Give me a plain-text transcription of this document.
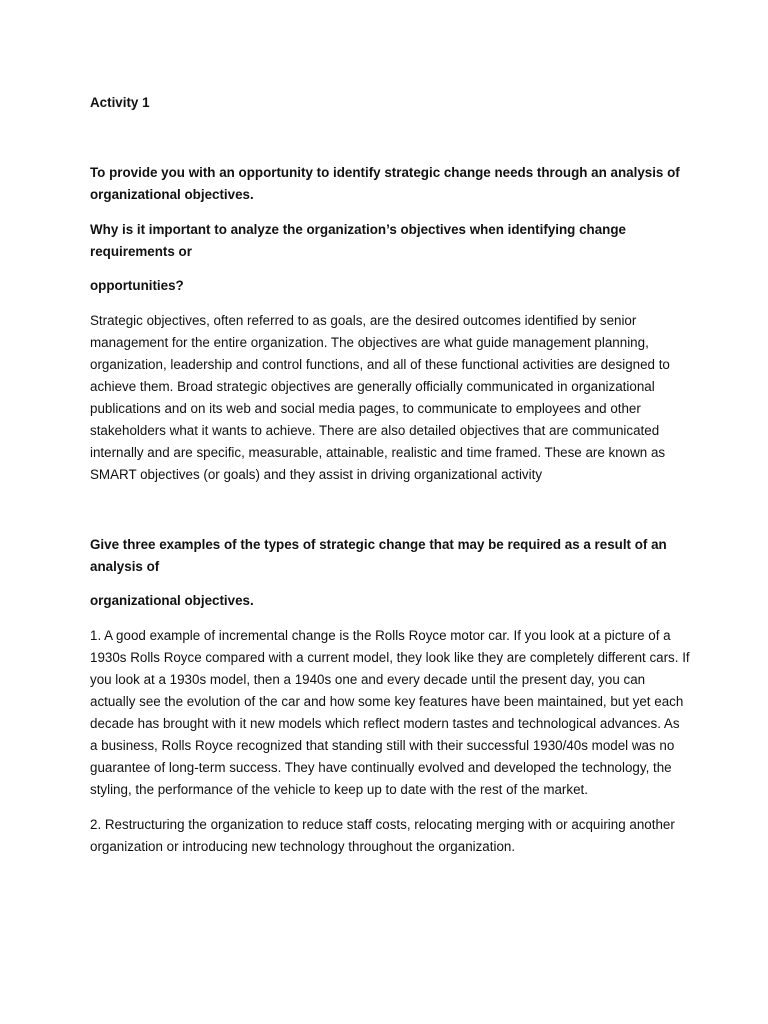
Activity 1

To provide you with an opportunity to identify strategic change needs through an analysis of organizational objectives.

Why is it important to analyze the organization’s objectives when identifying change requirements or

opportunities?

Strategic objectives, often referred to as goals, are the desired outcomes identified by senior management for the entire organization. The objectives are what guide management planning, organization, leadership and control functions, and all of these functional activities are designed to achieve them. Broad strategic objectives are generally officially communicated in organizational publications and on its web and social media pages, to communicate to employees and other stakeholders what it wants to achieve. There are also detailed objectives that are communicated internally and are specific, measurable, attainable, realistic and time framed. These are known as SMART objectives (or goals) and they assist in driving organizational activity

Give three examples of the types of strategic change that may be required as a result of an analysis of

organizational objectives.

1. A good example of incremental change is the Rolls Royce motor car. If you look at a picture of a 1930s Rolls Royce compared with a current model, they look like they are completely different cars. If you look at a 1930s model, then a 1940s one and every decade until the present day, you can actually see the evolution of the car and how some key features have been maintained, but yet each decade has brought with it new models which reflect modern tastes and technological advances. As a business, Rolls Royce recognized that standing still with their successful 1930/40s model was no guarantee of long-term success. They have continually evolved and developed the technology, the styling, the performance of the vehicle to keep up to date with the rest of the market.

2. Restructuring the organization to reduce staff costs, relocating merging with or acquiring another organization or introducing new technology throughout the organization.
